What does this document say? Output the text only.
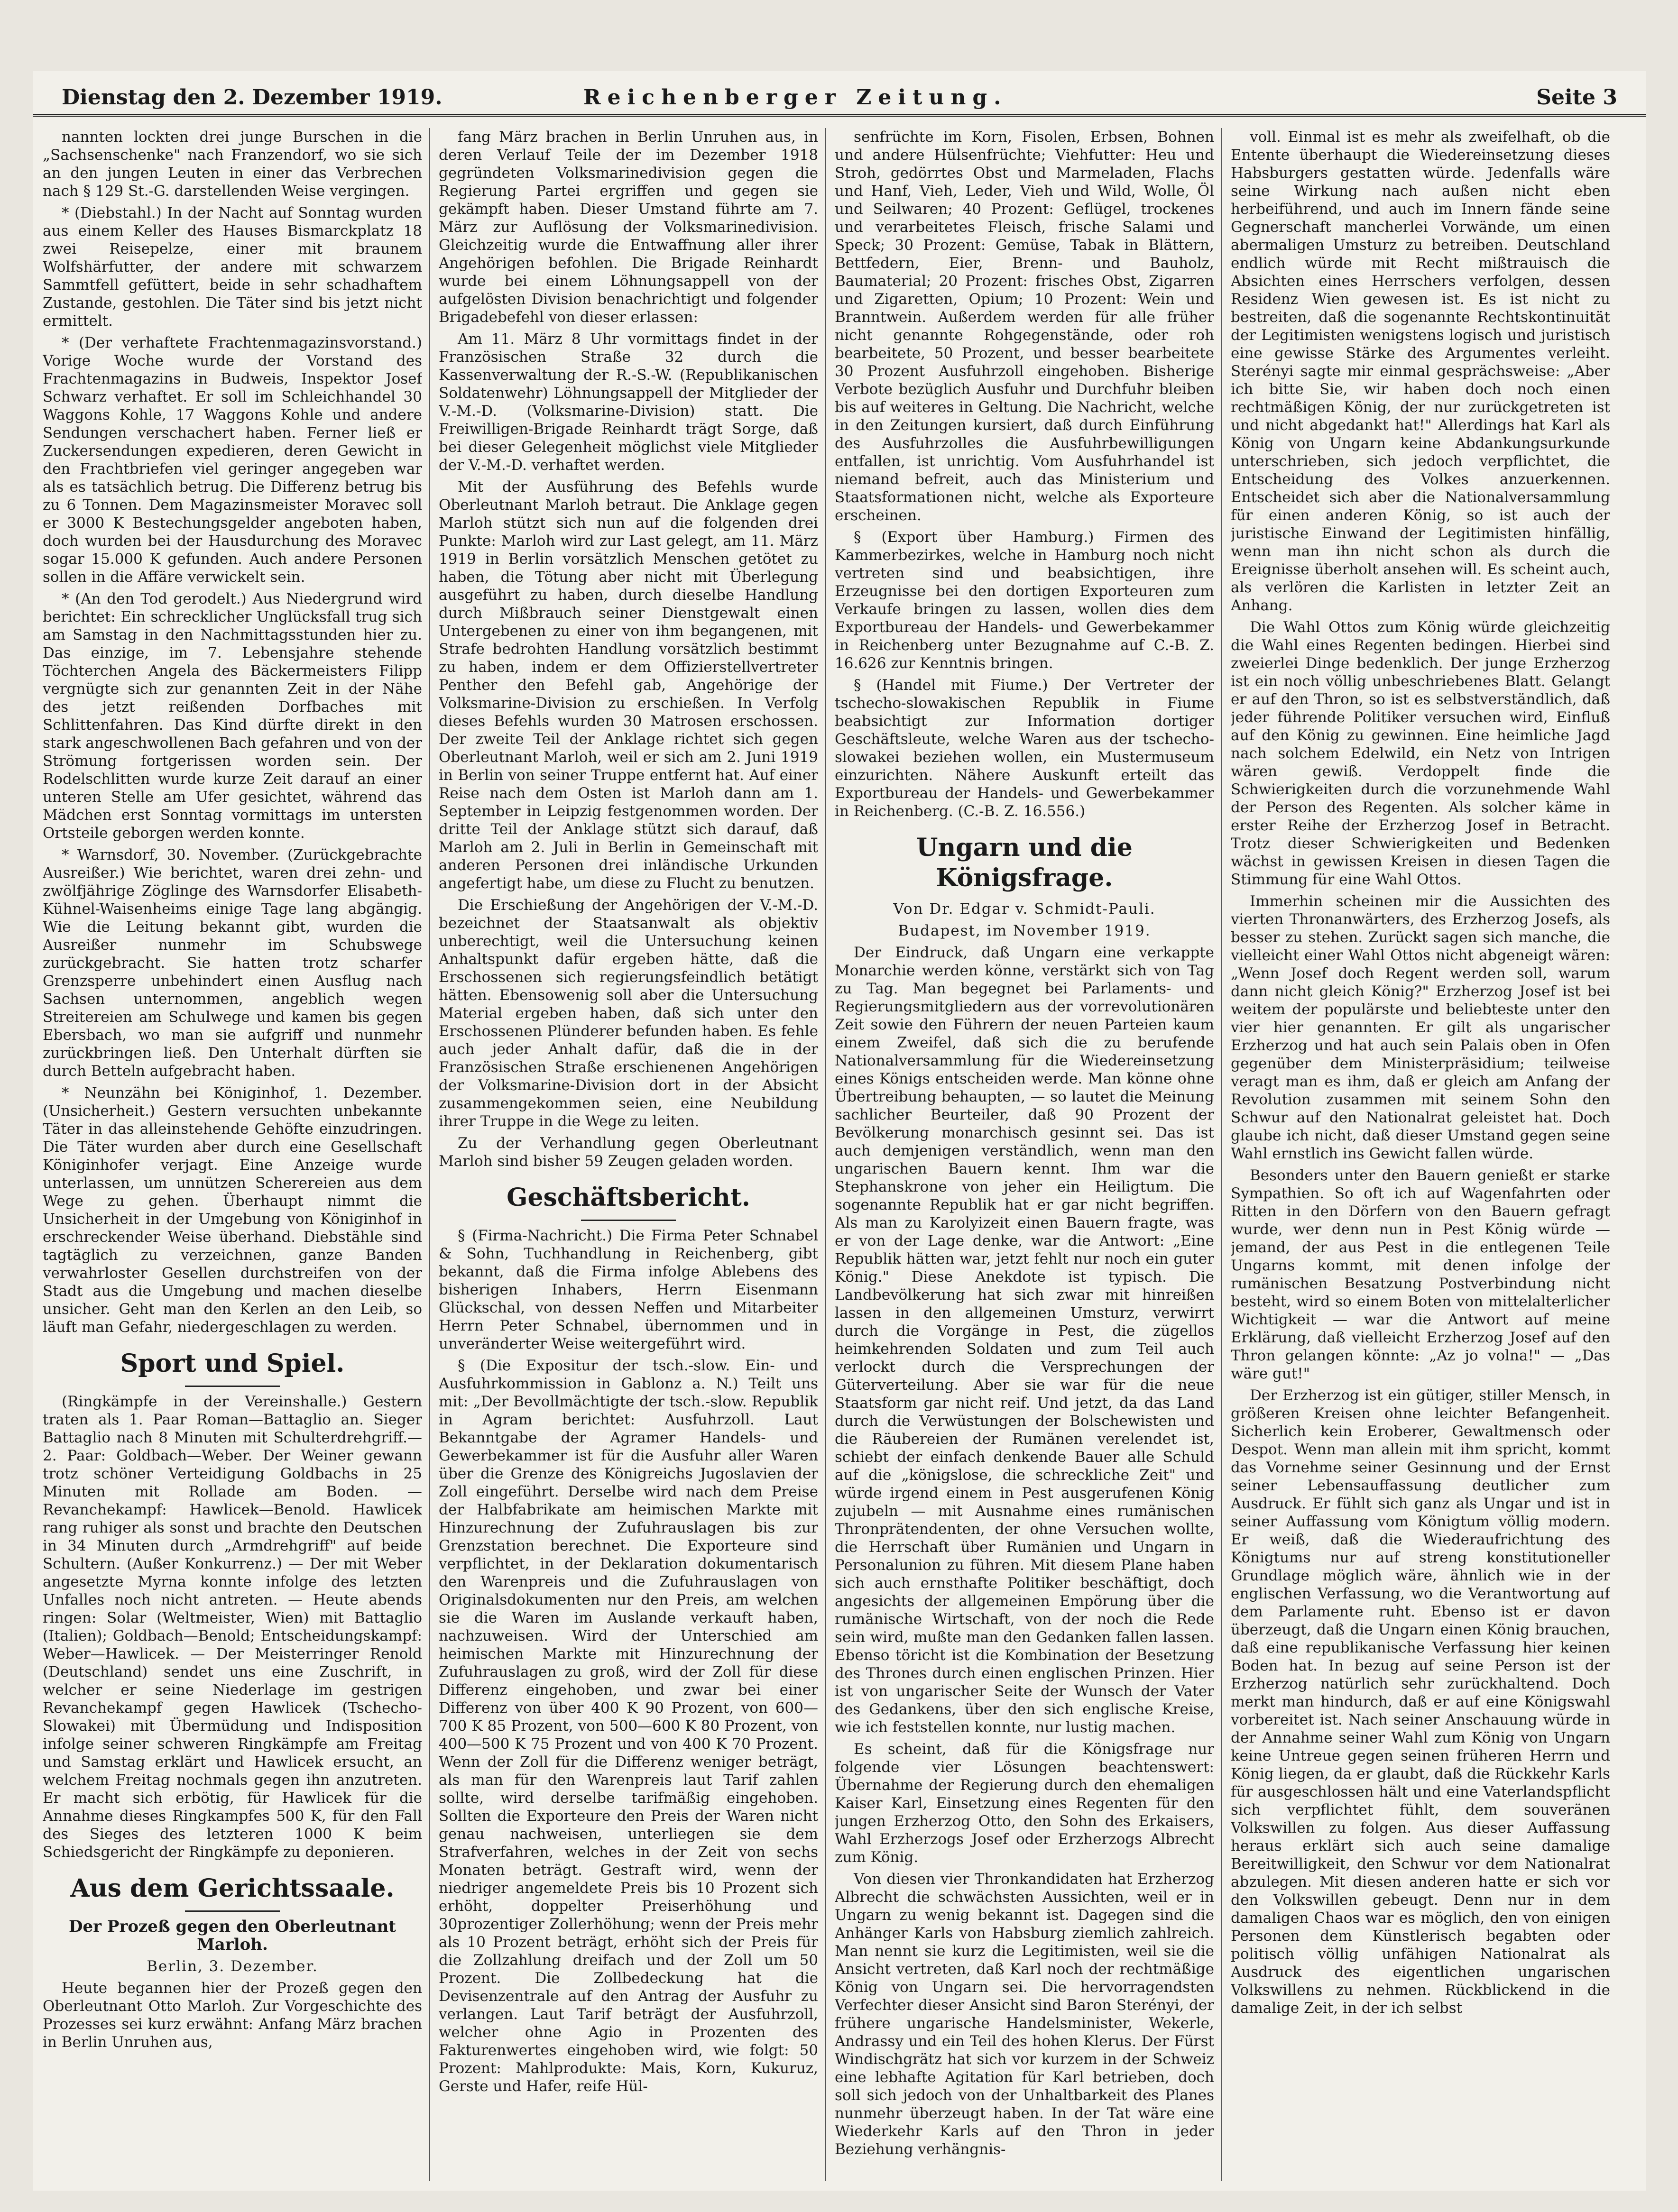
Dienstag den 2. Dezember 1919.	Reichenberger Zeitung.	Seite 3

nannten lockten drei junge Burschen in die „Sachsenschenke" nach Franzendorf, wo sie sich an den jungen Leuten in einer das Verbrechen nach § 129 St.-G. darstellenden Weise vergingen.

* (Diebstahl.) In der Nacht auf Sonntag wurden aus einem Keller des Hauses Bismarckplatz 18 zwei Reisepelze, einer mit braunem Wolfshärfutter, der andere mit schwarzem Sammtfell gefüttert, beide in sehr schadhaftem Zustande, gestohlen. Die Täter sind bis jetzt nicht ermittelt.

* (Der verhaftete Frachtenmagazinsvorstand.) Vorige Woche wurde der Vorstand des Frachtenmagazins in Budweis, Inspektor Josef Schwarz verhaftet. Er soll im Schleichhandel 30 Waggons Kohle, 17 Waggons Kohle und andere Sendungen verschachert haben. Ferner ließ er Zuckersendungen expedieren, deren Gewicht in den Frachtbriefen viel geringer angegeben war als es tatsächlich betrug. Die Differenz betrug bis zu 6 Tonnen. Dem Magazinsmeister Moravec soll er 3000 K Bestechungsgelder angeboten haben, doch wurden bei der Hausdurchung des Moravec sogar 15.000 K gefunden. Auch andere Personen sollen in die Affäre verwickelt sein.

* (An den Tod gerodelt.) Aus Niedergrund wird berichtet: Ein schrecklicher Unglücksfall trug sich am Samstag in den Nachmittagsstunden hier zu. Das einzige, im 7. Lebensjahre stehende Töchterchen Angela des Bäckermeisters Filipp vergnügte sich zur genannten Zeit in der Nähe des jetzt reißenden Dorfbaches mit Schlittenfahren. Das Kind dürfte direkt in den stark angeschwollenen Bach gefahren und von der Strömung fortgerissen worden sein. Der Rodelschlitten wurde kurze Zeit darauf an einer unteren Stelle am Ufer gesichtet, während das Mädchen erst Sonntag vormittags im untersten Ortsteile geborgen werden konnte.

* Warnsdorf, 30. November. (Zurückgebrachte Ausreißer.) Wie berichtet, waren drei zehn- und zwölfjährige Zöglinge des Warnsdorfer Elisabeth-Kühnel-Waisenheims einige Tage lang abgängig. Wie die Leitung bekannt gibt, wurden die Ausreißer nunmehr im Schubswege zurückgebracht. Sie hatten trotz scharfer Grenzsperre unbehindert einen Ausflug nach Sachsen unternommen, angeblich wegen Streitereien am Schulwege und kamen bis gegen Ebersbach, wo man sie aufgriff und nunmehr zurückbringen ließ. Den Unterhalt dürften sie durch Betteln aufgebracht haben.

* Neunzähn bei Königinhof, 1. Dezember. (Unsicherheit.) Gestern versuchten unbekannte Täter in das alleinstehende Gehöfte einzudringen. Die Täter wurden aber durch eine Gesellschaft Königinhofer verjagt. Eine Anzeige wurde unterlassen, um unnützen Scherereien aus dem Wege zu gehen. Überhaupt nimmt die Unsicherheit in der Umgebung von Königinhof in erschreckender Weise überhand. Diebstähle sind tagtäglich zu verzeichnen, ganze Banden verwahrloster Gesellen durchstreifen von der Stadt aus die Umgebung und machen dieselbe unsicher. Geht man den Kerlen an den Leib, so läuft man Gefahr, niedergeschlagen zu werden.

Sport und Spiel.

(Ringkämpfe in der Vereinshalle.) Gestern traten als 1. Paar Roman—Battaglio an. Sieger Battaglio nach 8 Minuten mit Schulterdrehgriff.—2. Paar: Goldbach—Weber. Der Weiner gewann trotz schöner Verteidigung Goldbachs in 25 Minuten mit Rollade am Boden. — Revanchekampf: Hawlicek—Benold. Hawlicek rang ruhiger als sonst und brachte den Deutschen in 34 Minuten durch „Armdrehgriff" auf beide Schultern. (Außer Konkurrenz.) — Der mit Weber angesetzte Myrna konnte infolge des letzten Unfalles noch nicht antreten. — Heute abends ringen: Solar (Weltmeister, Wien) mit Battaglio (Italien); Goldbach—Benold; Entscheidungskampf: Weber—Hawlicek. — Der Meisterringer Renold (Deutschland) sendet uns eine Zuschrift, in welcher er seine Niederlage im gestrigen Revanchekampf gegen Hawlicek (Tschecho-Slowakei) mit Übermüdung und Indisposition infolge seiner schweren Ringkämpfe am Freitag und Samstag erklärt und Hawlicek ersucht, an welchem Freitag nochmals gegen ihn anzutreten. Er macht sich erbötig, für Hawlicek für die Annahme dieses Ringkampfes 500 K, für den Fall des Sieges des letzteren 1000 K beim Schiedsgericht der Ringkämpfe zu deponieren.

Aus dem Gerichtssaale.

Der Prozeß gegen den Oberleutnant Marloh.

Berlin, 3. Dezember.

Heute begannen hier der Prozeß gegen den Oberleutnant Otto Marloh. Zur Vorgeschichte des Prozesses sei kurz erwähnt: Anfang März brachen in Berlin Unruhen aus,

fang März brachen in Berlin Unruhen aus, in deren Verlauf Teile der im Dezember 1918 gegründeten Volksmarinedivision gegen die Regierung Partei ergriffen und gegen sie gekämpft haben. Dieser Umstand führte am 7. März zur Auflösung der Volksmarinedivision. Gleichzeitig wurde die Entwaffnung aller ihrer Angehörigen befohlen. Die Brigade Reinhardt wurde bei einem Löhnungsappell von der aufgelösten Division benachrichtigt und folgender Brigadebefehl von dieser erlassen:

Am 11. März 8 Uhr vormittags findet in der Französischen Straße 32 durch die Kassenverwaltung der R.-S.-W. (Republikanischen Soldatenwehr) Löhnungsappell der Mitglieder der V.-M.-D. (Volksmarine-Division) statt. Die Freiwilligen-Brigade Reinhardt trägt Sorge, daß bei dieser Gelegenheit möglichst viele Mitglieder der V.-M.-D. verhaftet werden.

Mit der Ausführung des Befehls wurde Oberleutnant Marloh betraut. Die Anklage gegen Marloh stützt sich nun auf die folgenden drei Punkte: Marloh wird zur Last gelegt, am 11. März 1919 in Berlin vorsätzlich Menschen getötet zu haben, die Tötung aber nicht mit Überlegung ausgeführt zu haben, durch dieselbe Handlung durch Mißbrauch seiner Dienstgewalt einen Untergebenen zu einer von ihm begangenen, mit Strafe bedrohten Handlung vorsätzlich bestimmt zu haben, indem er dem Offizierstellvertreter Penther den Befehl gab, Angehörige der Volksmarine-Division zu erschießen. In Verfolg dieses Befehls wurden 30 Matrosen erschossen. Der zweite Teil der Anklage richtet sich gegen Oberleutnant Marloh, weil er sich am 2. Juni 1919 in Berlin von seiner Truppe entfernt hat. Auf einer Reise nach dem Osten ist Marloh dann am 1. September in Leipzig festgenommen worden. Der dritte Teil der Anklage stützt sich darauf, daß Marloh am 2. Juli in Berlin in Gemeinschaft mit anderen Personen drei inländische Urkunden angefertigt habe, um diese zu Flucht zu benutzen.

Die Erschießung der Angehörigen der V.-M.-D. bezeichnet der Staatsanwalt als objektiv unberechtigt, weil die Untersuchung keinen Anhaltspunkt dafür ergeben hätte, daß die Erschossenen sich regierungsfeindlich betätigt hätten. Ebensowenig soll aber die Untersuchung Material ergeben haben, daß sich unter den Erschossenen Plünderer befunden haben. Es fehle auch jeder Anhalt dafür, daß die in der Französischen Straße erschienenen Angehörigen der Volksmarine-Division dort in der Absicht zusammengekommen seien, eine Neubildung ihrer Truppe in die Wege zu leiten.

Zu der Verhandlung gegen Oberleutnant Marloh sind bisher 59 Zeugen geladen worden.

Geschäftsbericht.

§ (Firma-Nachricht.) Die Firma Peter Schnabel & Sohn, Tuchhandlung in Reichenberg, gibt bekannt, daß die Firma infolge Ablebens des bisherigen Inhabers, Herrn Eisenmann Glückschal, von dessen Neffen und Mitarbeiter Herrn Peter Schnabel, übernommen und in unveränderter Weise weitergeführt wird.

§ (Die Expositur der tsch.-slow. Ein- und Ausfuhrkommission in Gablonz a. N.) Teilt uns mit: „Der Bevollmächtigte der tsch.-slow. Republik in Agram berichtet: Ausfuhrzoll. Laut Bekanntgabe der Agramer Handels- und Gewerbekammer ist für die Ausfuhr aller Waren über die Grenze des Königreichs Jugoslavien der Zoll eingeführt. Derselbe wird nach dem Preise der Halbfabrikate am heimischen Markte mit Hinzurechnung der Zufuhrauslagen bis zur Grenzstation berechnet. Die Exporteure sind verpflichtet, in der Deklaration dokumentarisch den Warenpreis und die Zufuhrauslagen von Originalsdokumenten nur den Preis, am welchen sie die Waren im Auslande verkauft haben, nachzuweisen. Wird der Unterschied am heimischen Markte mit Hinzurechnung der Zufuhrauslagen zu groß, wird der Zoll für diese Differenz eingehoben, und zwar bei einer Differenz von über 400 K 90 Prozent, von 600—700 K 85 Prozent, von 500—600 K 80 Prozent, von 400—500 K 75 Prozent und von 400 K 70 Prozent. Wenn der Zoll für die Differenz weniger beträgt, als man für den Warenpreis laut Tarif zahlen sollte, wird derselbe tarifmäßig eingehoben. Sollten die Exporteure den Preis der Waren nicht genau nachweisen, unterliegen sie dem Strafverfahren, welches in der Zeit von sechs Monaten beträgt. Gestraft wird, wenn der niedriger angemeldete Preis bis 10 Prozent sich erhöht, doppelter Preiserhöhung und 30prozentiger Zollerhöhung; wenn der Preis mehr als 10 Prozent beträgt, erhöht sich der Preis für die Zollzahlung dreifach und der Zoll um 50 Prozent. Die Zollbedeckung hat die Devisenzentrale auf den Antrag der Ausfuhr zu verlangen. Laut Tarif beträgt der Ausfuhrzoll, welcher ohne Agio in Prozenten des Fakturenwertes eingehoben wird, wie folgt: 50 Prozent: Mahlprodukte: Mais, Korn, Kukuruz, Gerste und Hafer, reife Hül-

senfrüchte im Korn, Fisolen, Erbsen, Bohnen und andere Hülsenfrüchte; Viehfutter: Heu und Stroh, gedörrtes Obst und Marmeladen, Flachs und Hanf, Vieh, Leder, Vieh und Wild, Wolle, Öl und Seilwaren; 40 Prozent: Geflügel, trockenes und verarbeitetes Fleisch, frische Salami und Speck; 30 Prozent: Gemüse, Tabak in Blättern, Bettfedern, Eier, Brenn- und Bauholz, Baumaterial; 20 Prozent: frisches Obst, Zigarren und Zigaretten, Opium; 10 Prozent: Wein und Branntwein. Außerdem werden für alle früher nicht genannte Rohgegenstände, oder roh bearbeitete, 50 Prozent, und besser bearbeitete 30 Prozent Ausfuhrzoll eingehoben. Bisherige Verbote bezüglich Ausfuhr und Durchfuhr bleiben bis auf weiteres in Geltung. Die Nachricht, welche in den Zeitungen kursiert, daß durch Einführung des Ausfuhrzolles die Ausfuhrbewilligungen entfallen, ist unrichtig. Vom Ausfuhrhandel ist niemand befreit, auch das Ministerium und Staatsformationen nicht, welche als Exporteure erscheinen.

§ (Export über Hamburg.) Firmen des Kammerbezirkes, welche in Hamburg noch nicht vertreten sind und beabsichtigen, ihre Erzeugnisse bei den dortigen Exporteuren zum Verkaufe bringen zu lassen, wollen dies dem Exportbureau der Handels- und Gewerbekammer in Reichenberg unter Bezugnahme auf C.-B. Z. 16.626 zur Kenntnis bringen.

§ (Handel mit Fiume.) Der Vertreter der tschecho-slowakischen Republik in Fiume beabsichtigt zur Information dortiger Geschäftsleute, welche Waren aus der tschecho-slowakei beziehen wollen, ein Mustermuseum einzurichten. Nähere Auskunft erteilt das Exportbureau der Handels- und Gewerbekammer in Reichenberg. (C.-B. Z. 16.556.)

Ungarn und die Königsfrage.

Von Dr. Edgar v. Schmidt-Pauli.

Budapest, im November 1919.

Der Eindruck, daß Ungarn eine verkappte Monarchie werden könne, verstärkt sich von Tag zu Tag. Man begegnet bei Parlaments- und Regierungsmitgliedern aus der vorrevolutionären Zeit sowie den Führern der neuen Parteien kaum einem Zweifel, daß sich die zu berufende Nationalversammlung für die Wiedereinsetzung eines Königs entscheiden werde. Man könne ohne Übertreibung behaupten, — so lautet die Meinung sachlicher Beurteiler, daß 90 Prozent der Bevölkerung monarchisch gesinnt sei. Das ist auch demjenigen verständlich, wenn man den ungarischen Bauern kennt. Ihm war die Stephanskrone von jeher ein Heiligtum. Die sogenannte Republik hat er gar nicht begriffen. Als man zu Karolyizeit einen Bauern fragte, was er von der Lage denke, war die Antwort: „Eine Republik hätten war, jetzt fehlt nur noch ein guter König." Diese Anekdote ist typisch. Die Landbevölkerung hat sich zwar mit hinreißen lassen in den allgemeinen Umsturz, verwirrt durch die Vorgänge in Pest, die zügellos heimkehrenden Soldaten und zum Teil auch verlockt durch die Versprechungen der Güterverteilung. Aber sie war für die neue Staatsform gar nicht reif. Und jetzt, da das Land durch die Verwüstungen der Bolschewisten und die Räubereien der Rumänen verelendet ist, schiebt der einfach denkende Bauer alle Schuld auf die „königslose, die schreckliche Zeit" und würde irgend einem in Pest ausgerufenen König zujubeln — mit Ausnahme eines rumänischen Thronprätendenten, der ohne Versuchen wollte, die Herrschaft über Rumänien und Ungarn in Personalunion zu führen. Mit diesem Plane haben sich auch ernsthafte Politiker beschäftigt, doch angesichts der allgemeinen Empörung über die rumänische Wirtschaft, von der noch die Rede sein wird, mußte man den Gedanken fallen lassen. Ebenso töricht ist die Kombination der Besetzung des Thrones durch einen englischen Prinzen. Hier ist von ungarischer Seite der Wunsch der Vater des Gedankens, über den sich englische Kreise, wie ich feststellen konnte, nur lustig machen.

Es scheint, daß für die Königsfrage nur folgende vier Lösungen beachtenswert: Übernahme der Regierung durch den ehemaligen Kaiser Karl, Einsetzung eines Regenten für den jungen Erzherzog Otto, den Sohn des Erkaisers, Wahl Erzherzogs Josef oder Erzherzogs Albrecht zum König.

Von diesen vier Thronkandidaten hat Erzherzog Albrecht die schwächsten Aussichten, weil er in Ungarn zu wenig bekannt ist. Dagegen sind die Anhänger Karls von Habsburg ziemlich zahlreich. Man nennt sie kurz die Legitimisten, weil sie die Ansicht vertreten, daß Karl noch der rechtmäßige König von Ungarn sei. Die hervorragendsten Verfechter dieser Ansicht sind Baron Sterényi, der frühere ungarische Handelsminister, Wekerle, Andrassy und ein Teil des hohen Klerus. Der Fürst Windischgrätz hat sich vor kurzem in der Schweiz eine lebhafte Agitation für Karl betrieben, doch soll sich jedoch von der Unhaltbarkeit des Planes nunmehr überzeugt haben. In der Tat wäre eine Wiederkehr Karls auf den Thron in jeder Beziehung verhängnis-

voll. Einmal ist es mehr als zweifelhaft, ob die Entente überhaupt die Wiedereinsetzung dieses Habsburgers gestatten würde. Jedenfalls wäre seine Wirkung nach außen nicht eben herbeiführend, und auch im Innern fände seine Gegnerschaft mancherlei Vorwände, um einen abermaligen Umsturz zu betreiben. Deutschland endlich würde mit Recht mißtrauisch die Absichten eines Herrschers verfolgen, dessen Residenz Wien gewesen ist. Es ist nicht zu bestreiten, daß die sogenannte Rechtskontinuität der Legitimisten wenigstens logisch und juristisch eine gewisse Stärke des Argumentes verleiht. Sterényi sagte mir einmal gesprächsweise: „Aber ich bitte Sie, wir haben doch noch einen rechtmäßigen König, der nur zurückgetreten ist und nicht abgedankt hat!" Allerdings hat Karl als König von Ungarn keine Abdankungsurkunde unterschrieben, sich jedoch verpflichtet, die Entscheidung des Volkes anzuerkennen. Entscheidet sich aber die Nationalversammlung für einen anderen König, so ist auch der juristische Einwand der Legitimisten hinfällig, wenn man ihn nicht schon als durch die Ereignisse überholt ansehen will. Es scheint auch, als verlören die Karlisten in letzter Zeit an Anhang.

Die Wahl Ottos zum König würde gleichzeitig die Wahl eines Regenten bedingen. Hierbei sind zweierlei Dinge bedenklich. Der junge Erzherzog ist ein noch völlig unbeschriebenes Blatt. Gelangt er auf den Thron, so ist es selbstverständlich, daß jeder führende Politiker versuchen wird, Einfluß auf den König zu gewinnen. Eine heimliche Jagd nach solchem Edelwild, ein Netz von Intrigen wären gewiß. Verdoppelt finde die Schwierigkeiten durch die vorzunehmende Wahl der Person des Regenten. Als solcher käme in erster Reihe der Erzherzog Josef in Betracht. Trotz dieser Schwierigkeiten und Bedenken wächst in gewissen Kreisen in diesen Tagen die Stimmung für eine Wahl Ottos.

Immerhin scheinen mir die Aussichten des vierten Thronanwärters, des Erzherzog Josefs, als besser zu stehen. Zurückt sagen sich manche, die vielleicht einer Wahl Ottos nicht abgeneigt wären: „Wenn Josef doch Regent werden soll, warum dann nicht gleich König?" Erzherzog Josef ist bei weitem der populärste und beliebteste unter den vier hier genannten. Er gilt als ungarischer Erzherzog und hat auch sein Palais oben in Ofen gegenüber dem Ministerpräsidium; teilweise veragt man es ihm, daß er gleich am Anfang der Revolution zusammen mit seinem Sohn den Schwur auf den Nationalrat geleistet hat. Doch glaube ich nicht, daß dieser Umstand gegen seine Wahl ernstlich ins Gewicht fallen würde.

Besonders unter den Bauern genießt er starke Sympathien. So oft ich auf Wagenfahrten oder Ritten in den Dörfern von den Bauern gefragt wurde, wer denn nun in Pest König würde — jemand, der aus Pest in die entlegenen Teile Ungarns kommt, mit denen infolge der rumänischen Besatzung Postverbindung nicht besteht, wird so einem Boten von mittelalterlicher Wichtigkeit — war die Antwort auf meine Erklärung, daß vielleicht Erzherzog Josef auf den Thron gelangen könnte: „Az jo volna!" — „Das wäre gut!"

Der Erzherzog ist ein gütiger, stiller Mensch, in größeren Kreisen ohne leichter Befangenheit. Sicherlich kein Eroberer, Gewaltmensch oder Despot. Wenn man allein mit ihm spricht, kommt das Vornehme seiner Gesinnung und der Ernst seiner Lebensauffassung deutlicher zum Ausdruck. Er fühlt sich ganz als Ungar und ist in seiner Auffassung vom Königtum völlig modern. Er weiß, daß die Wiederaufrichtung des Königtums nur auf streng konstitutioneller Grundlage möglich wäre, ähnlich wie in der englischen Verfassung, wo die Verantwortung auf dem Parlamente ruht. Ebenso ist er davon überzeugt, daß die Ungarn einen König brauchen, daß eine republikanische Verfassung hier keinen Boden hat. In bezug auf seine Person ist der Erzherzog natürlich sehr zurückhaltend. Doch merkt man hindurch, daß er auf eine Königswahl vorbereitet ist. Nach seiner Anschauung würde in der Annahme seiner Wahl zum König von Ungarn keine Untreue gegen seinen früheren Herrn und König liegen, da er glaubt, daß die Rückkehr Karls für ausgeschlossen hält und eine Vaterlandspflicht sich verpflichtet fühlt, dem souveränen Volkswillen zu folgen. Aus dieser Auffassung heraus erklärt sich auch seine damalige Bereitwilligkeit, den Schwur vor dem Nationalrat abzulegen. Mit diesen anderen hatte er sich vor den Volkswillen gebeugt. Denn nur in dem damaligen Chaos war es möglich, den von einigen Personen dem Künstlerisch begabten oder politisch völlig unfähigen Nationalrat als Ausdruck des eigentlichen ungarischen Volkswillens zu nehmen. Rückblickend in die damalige Zeit, in der ich selbst
